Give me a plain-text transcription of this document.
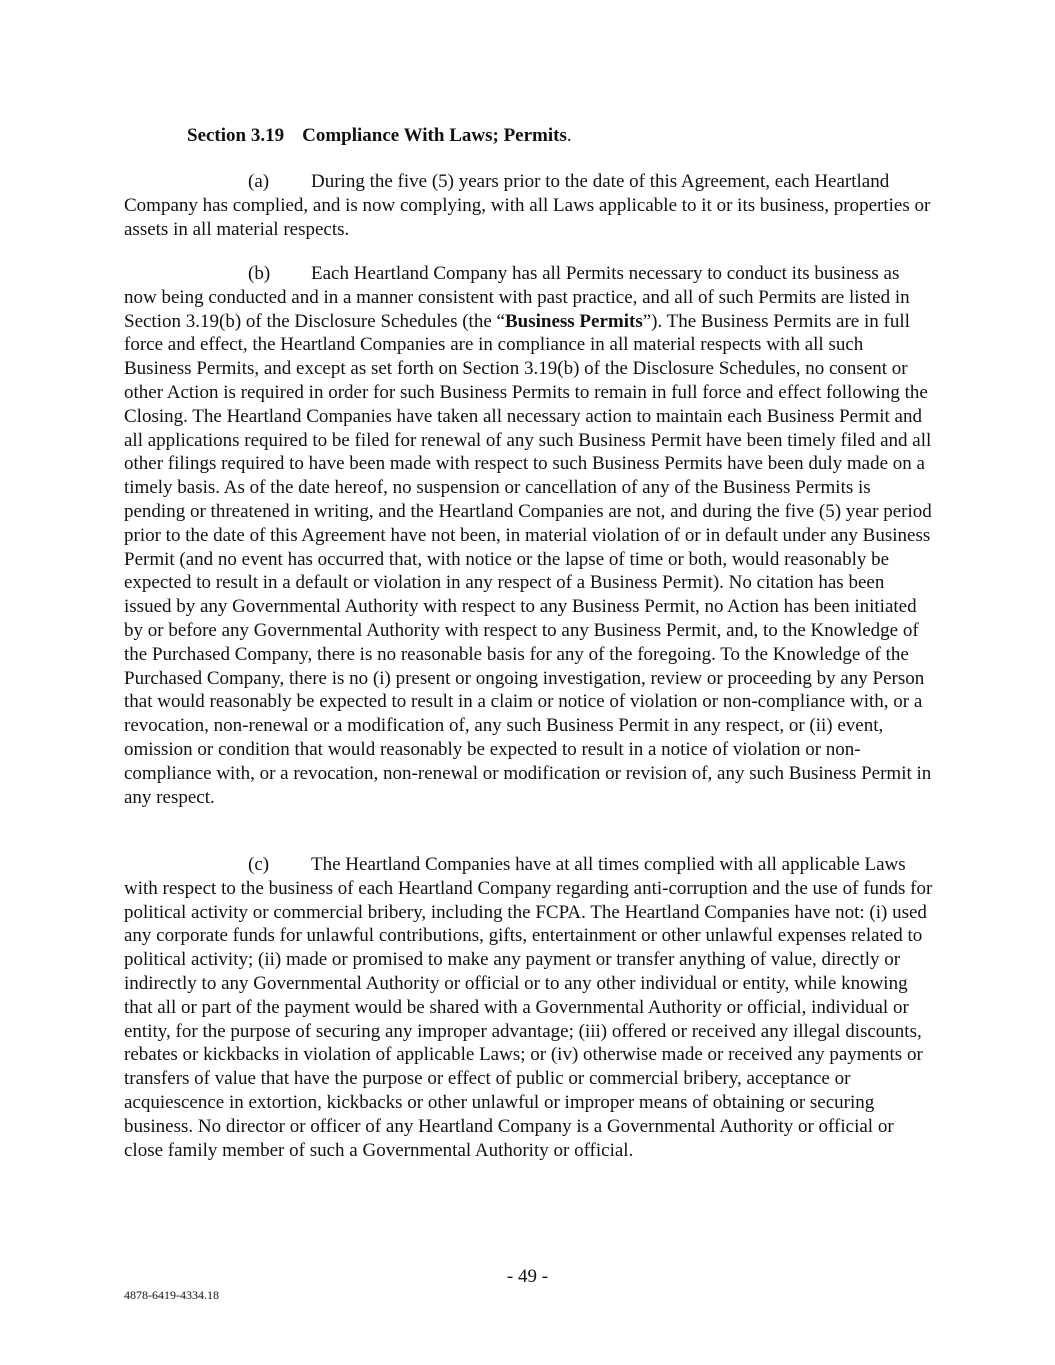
Section 3.19 Compliance With Laws; Permits.

(a) During the five (5) years prior to the date of this Agreement, each Heartland Company has complied, and is now complying, with all Laws applicable to it or its business, properties or assets in all material respects.

(b) Each Heartland Company has all Permits necessary to conduct its business as now being conducted and in a manner consistent with past practice, and all of such Permits are listed in Section 3.19(b) of the Disclosure Schedules (the “Business Permits”). The Business Permits are in full force and effect, the Heartland Companies are in compliance in all material respects with all such Business Permits, and except as set forth on Section 3.19(b) of the Disclosure Schedules, no consent or other Action is required in order for such Business Permits to remain in full force and effect following the Closing. The Heartland Companies have taken all necessary action to maintain each Business Permit and all applications required to be filed for renewal of any such Business Permit have been timely filed and all other filings required to have been made with respect to such Business Permits have been duly made on a timely basis. As of the date hereof, no suspension or cancellation of any of the Business Permits is pending or threatened in writing, and the Heartland Companies are not, and during the five (5) year period prior to the date of this Agreement have not been, in material violation of or in default under any Business Permit (and no event has occurred that, with notice or the lapse of time or both, would reasonably be expected to result in a default or violation in any respect of a Business Permit). No citation has been issued by any Governmental Authority with respect to any Business Permit, no Action has been initiated by or before any Governmental Authority with respect to any Business Permit, and, to the Knowledge of the Purchased Company, there is no reasonable basis for any of the foregoing. To the Knowledge of the Purchased Company, there is no (i) present or ongoing investigation, review or proceeding by any Person that would reasonably be expected to result in a claim or notice of violation or non-compliance with, or a revocation, non-renewal or a modification of, any such Business Permit in any respect, or (ii) event, omission or condition that would reasonably be expected to result in a notice of violation or non-compliance with, or a revocation, non-renewal or modification or revision of, any such Business Permit in any respect.

(c) The Heartland Companies have at all times complied with all applicable Laws with respect to the business of each Heartland Company regarding anti-corruption and the use of funds for political activity or commercial bribery, including the FCPA. The Heartland Companies have not: (i) used any corporate funds for unlawful contributions, gifts, entertainment or other unlawful expenses related to political activity; (ii) made or promised to make any payment or transfer anything of value, directly or indirectly to any Governmental Authority or official or to any other individual or entity, while knowing that all or part of the payment would be shared with a Governmental Authority or official, individual or entity, for the purpose of securing any improper advantage; (iii) offered or received any illegal discounts, rebates or kickbacks in violation of applicable Laws; or (iv) otherwise made or received any payments or transfers of value that have the purpose or effect of public or commercial bribery, acceptance or acquiescence in extortion, kickbacks or other unlawful or improper means of obtaining or securing business. No director or officer of any Heartland Company is a Governmental Authority or official or close family member of such a Governmental Authority or official.

- 49 -
4878-6419-4334.18
